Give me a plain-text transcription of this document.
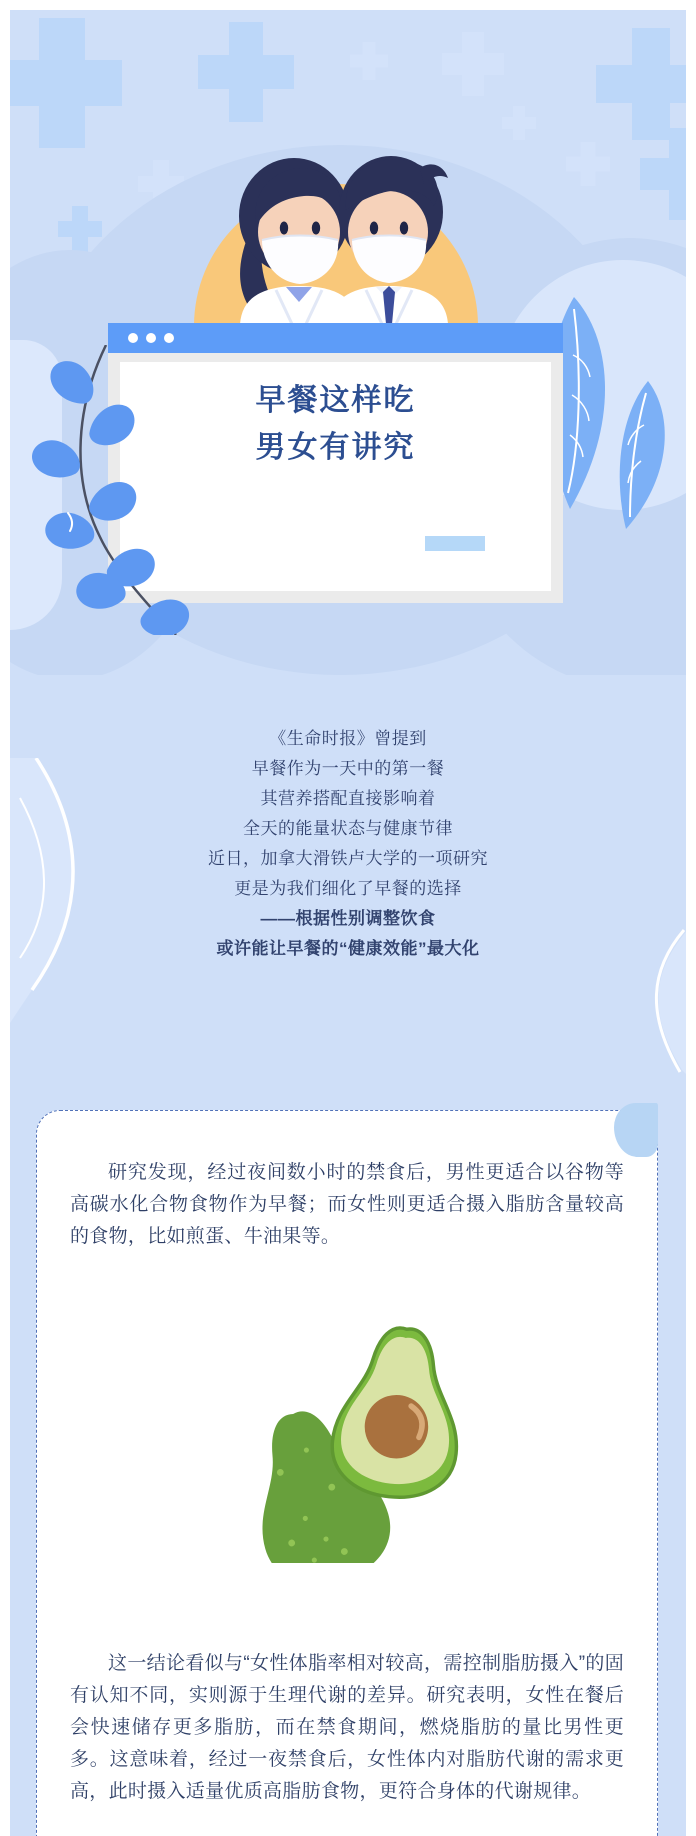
早餐这样吃
男女有讲究
《生命时报》曾提到
早餐作为一天中的第一餐
其营养搭配直接影响着
全天的能量状态与健康节律
近日，加拿大滑铁卢大学的一项研究
更是为我们细化了早餐的选择
——根据性别调整饮食
或许能让早餐的“健康效能”最大化

研究发现，经过夜间数小时的禁食后，男性更适合以谷物等高碳水化合物食物作为早餐；而女性则更适合摄入脂肪含量较高的食物，比如煎蛋、牛油果等。

这一结论看似与“女性体脂率相对较高，需控制脂肪摄入”的固有认知不同，实则源于生理代谢的差异。研究表明，女性在餐后会快速储存更多脂肪，而在禁食期间，燃烧脂肪的量比男性更多。这意味着，经过一夜禁食后，女性体内对脂肪代谢的需求更高，此时摄入适量优质高脂肪食物，更符合身体的代谢规律。
